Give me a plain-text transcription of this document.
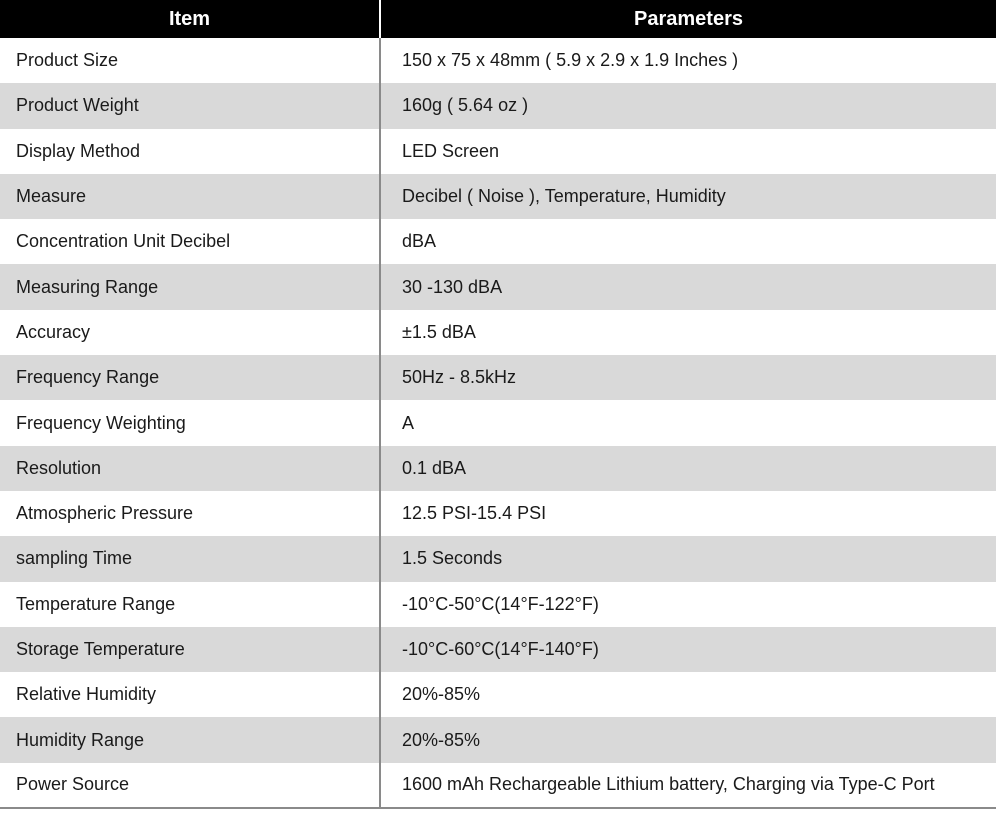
Item	Parameters
Product Size	150 x 75 x 48mm ( 5.9 x 2.9 x 1.9 Inches )
Product Weight	160g ( 5.64 oz )
Display Method	LED Screen
Measure	Decibel ( Noise ), Temperature, Humidity
Concentration Unit Decibel	dBA
Measuring Range	30 -130 dBA
Accuracy	±1.5 dBA
Frequency Range	50Hz - 8.5kHz
Frequency Weighting	A
Resolution	0.1 dBA
Atmospheric Pressure	12.5 PSI-15.4 PSI
sampling Time	1.5 Seconds
Temperature Range	-10°C-50°C(14°F-122°F)
Storage Temperature	-10°C-60°C(14°F-140°F)
Relative Humidity	20%-85%
Humidity Range	20%-85%
Power Source	1600 mAh Rechargeable Lithium battery, Charging via Type-C Port
